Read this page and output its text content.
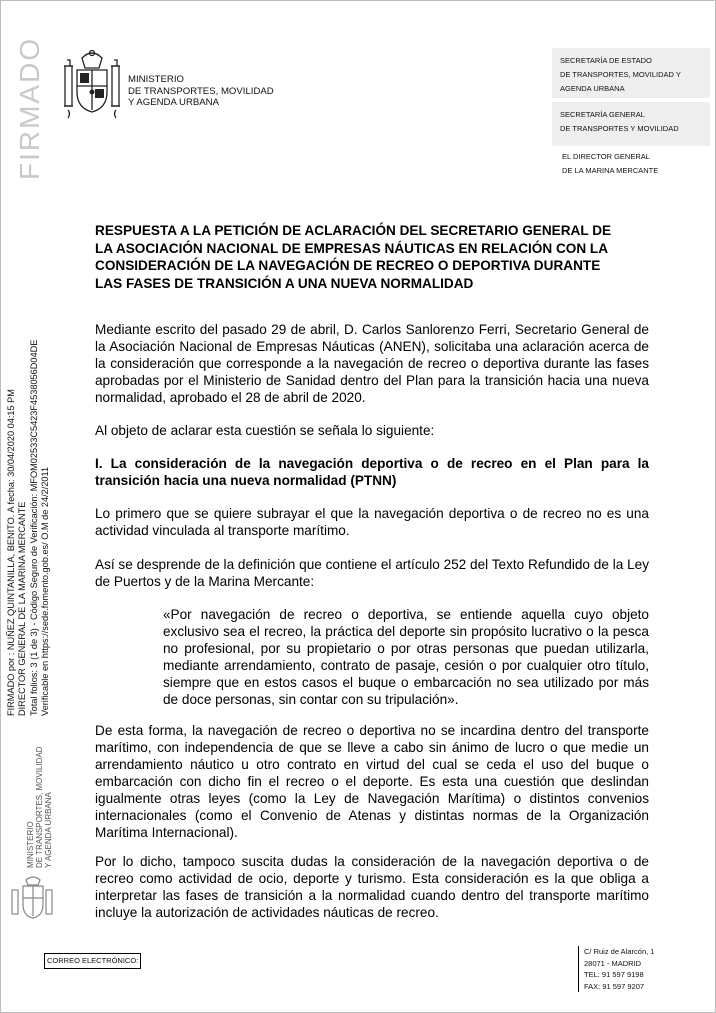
FIRMADO
FIRMADO por : NUÑEZ QUINTANILLA, BENITO. A fecha: 30/04/2020 04:15 PM DIRECTOR GENERAL DE LA MARINA MERCANTE Total folios: 3 (1 de 3) - Código Seguro de Verificación: MFOM02533C5423F4538056D04DE Verificable en https://sede.fomento.gob.es/ O.M de 24/2/2011
MINISTERIO DE TRANSPORTES, MOVILIDAD Y AGENDA URBANA
MINISTERIO
DE TRANSPORTES, MOVILIDAD
Y AGENDA URBANA
SECRETARÍA DE ESTADO
DE TRANSPORTES, MOVILIDAD Y
AGENDA URBANA
SECRETARÍA GENERAL
DE TRANSPORTES Y MOVILIDAD
EL DIRECTOR GENERAL
DE LA MARINA MERCANTE
RESPUESTA A LA PETICIÓN DE ACLARACIÓN DEL SECRETARIO GENERAL DE
LA ASOCIACIÓN NACIONAL DE EMPRESAS NÁUTICAS EN RELACIÓN CON LA
CONSIDERACIÓN DE LA NAVEGACIÓN DE RECREO O DEPORTIVA DURANTE
LAS FASES DE TRANSICIÓN A UNA NUEVA NORMALIDAD
Mediante escrito del pasado 29 de abril, D. Carlos Sanlorenzo Ferri, Secretario General de la Asociación Nacional de Empresas Náuticas (ANEN), solicitaba una aclaración acerca de la consideración que corresponde a la navegación de recreo o deportiva durante las fases aprobadas por el Ministerio de Sanidad dentro del Plan para la transición hacia una nueva normalidad, aprobado el 28 de abril de 2020.
Al objeto de aclarar esta cuestión se señala lo siguiente:
I. La consideración de la navegación deportiva o de recreo en el Plan para la transición hacia una nueva normalidad (PTNN)
Lo primero que se quiere subrayar el que la navegación deportiva o de recreo no es una actividad vinculada al transporte marítimo.
Así se desprende de la definición que contiene el artículo 252 del Texto Refundido de la Ley de Puertos y de la Marina Mercante:
«Por navegación de recreo o deportiva, se entiende aquella cuyo objeto exclusivo sea el recreo, la práctica del deporte sin propósito lucrativo o la pesca no profesional, por su propietario o por otras personas que puedan utilizarla, mediante arrendamiento, contrato de pasaje, cesión o por cualquier otro título, siempre que en estos casos el buque o embarcación no sea utilizado por más de doce personas, sin contar con su tripulación».
De esta forma, la navegación de recreo o deportiva no se incardina dentro del transporte marítimo, con independencia de que se lleve a cabo sin ánimo de lucro o que medie un arrendamiento náutico u otro contrato en virtud del cual se ceda el uso del buque o embarcación con dicho fin el recreo o el deporte. Es esta una cuestión que deslindan igualmente otras leyes (como la Ley de Navegación Marítima) o distintos convenios internacionales (como el Convenio de Atenas y distintas normas de la Organización Marítima Internacional).
Por lo dicho, tampoco suscita dudas la consideración de la navegación deportiva o de recreo como actividad de ocio, deporte y turismo. Esta consideración es la que obliga a interpretar las fases de transición a la normalidad cuando dentro del transporte marítimo incluye la autorización de actividades náuticas de recreo.
CORREO ELECTRÓNICO:
C/ Ruiz de Alarcón, 1
28071 - MADRID
TEL: 91 597 9198
FAX: 91 597 9207
